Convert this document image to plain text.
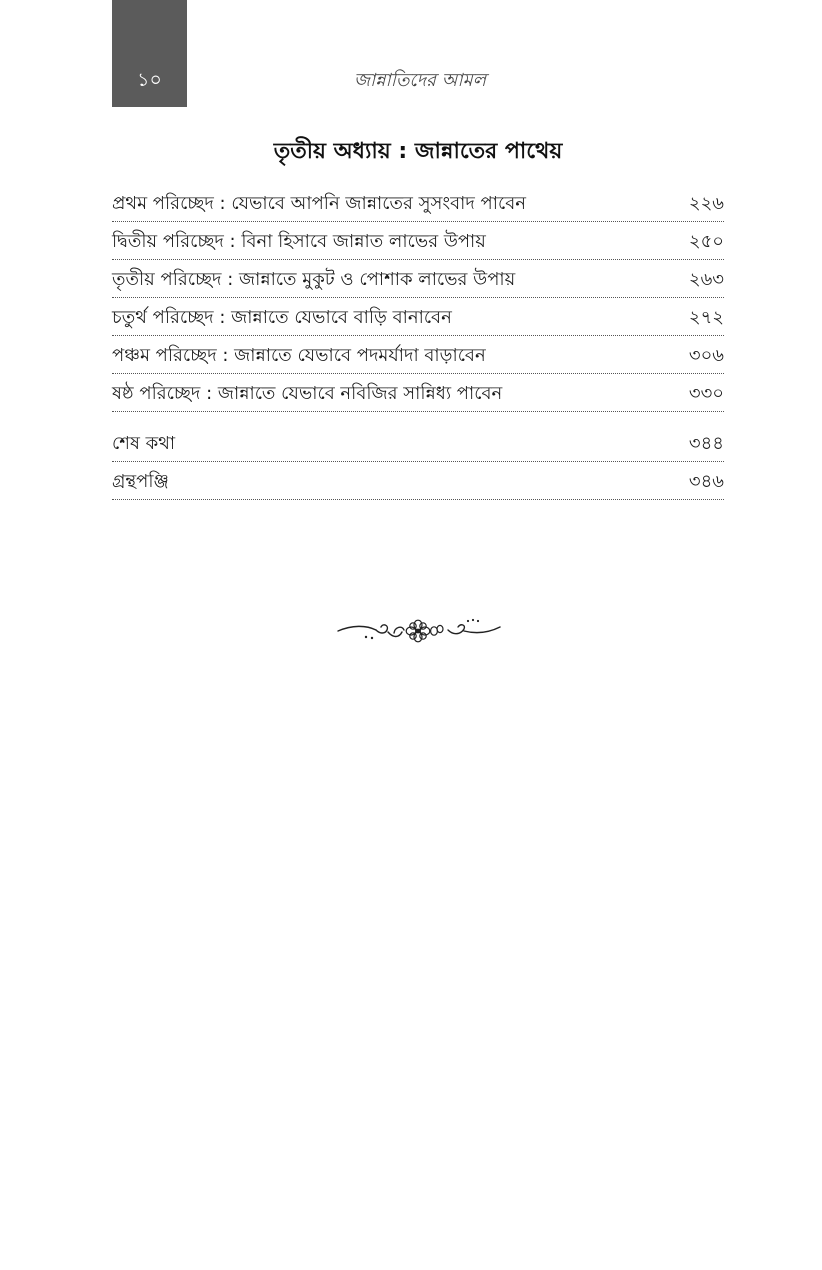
১০	জান্নাতিদের আমল
তৃতীয় অধ্যায় : জান্নাতের পাথেয়
প্রথম পরিচ্ছেদ : যেভাবে আপনি জান্নাতের সুসংবাদ পাবেন	২২৬
দ্বিতীয় পরিচ্ছেদ : বিনা হিসাবে জান্নাত লাভের উপায়	২৫০
তৃতীয় পরিচ্ছেদ : জান্নাতে মুকুট ও পোশাক লাভের উপায়	২৬৩
চতুর্থ পরিচ্ছেদ : জান্নাতে যেভাবে বাড়ি বানাবেন	২৭২
পঞ্চম পরিচ্ছেদ : জান্নাতে যেভাবে পদমর্যাদা বাড়াবেন	৩০৬
ষষ্ঠ পরিচ্ছেদ : জান্নাতে যেভাবে নবিজির সান্নিধ্য পাবেন	৩৩০
শেষ কথা	৩৪৪
গ্রন্থপঞ্জি	৩৪৬
